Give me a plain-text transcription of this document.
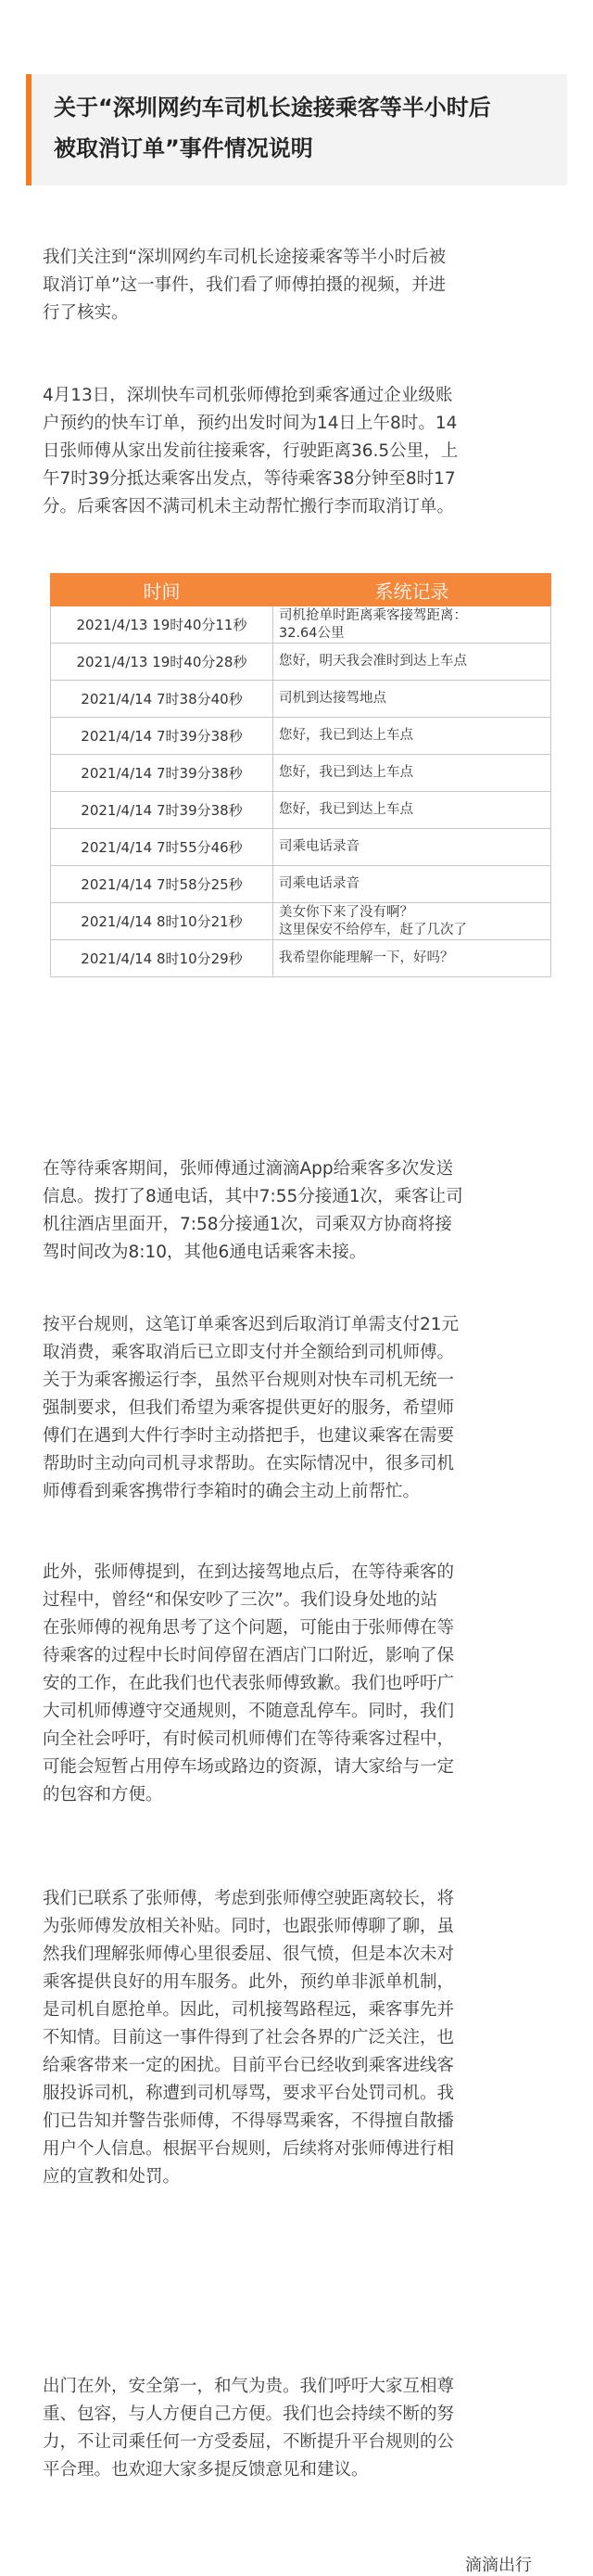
关于“深圳网约车司机长途接乘客等半小时后
被取消订单”事件情况说明
我们关注到“深圳网约车司机长途接乘客等半小时后被
取消订单”这一事件，我们看了师傅拍摄的视频，并进
行了核实。
4月13日，深圳快车司机张师傅抢到乘客通过企业级账
户预约的快车订单，预约出发时间为14日上午8时。14
日张师傅从家出发前往接乘客，行驶距离36.5公里，上
午7时39分抵达乘客出发点，等待乘客38分钟至8时17
分。后乘客因不满司机未主动帮忙搬行李而取消订单。
时间	系统记录
2021/4/13 19时40分11秒	司机抢单时距离乘客接驾距离：
32.64公里

2021/4/13 19时40分28秒	您好，明天我会准时到达上车点

2021/4/14 7时38分40秒	司机到达接驾地点

2021/4/14 7时39分38秒	您好，我已到达上车点

2021/4/14 7时39分38秒	您好，我已到达上车点

2021/4/14 7时39分38秒	您好，我已到达上车点

2021/4/14 7时55分46秒	司乘电话录音

2021/4/14 7时58分25秒	司乘电话录音

2021/4/14 8时10分21秒	美女你下来了没有啊？
这里保安不给停车，赶了几次了

2021/4/14 8时10分29秒	我希望你能理解一下，好吗？
在等待乘客期间，张师傅通过滴滴App给乘客多次发送
信息。拨打了8通电话，其中7:55分接通1次，乘客让司
机往酒店里面开，7:58分接通1次，司乘双方协商将接
驾时间改为8:10，其他6通电话乘客未接。
按平台规则，这笔订单乘客迟到后取消订单需支付21元
取消费，乘客取消后已立即支付并全额给到司机师傅。
关于为乘客搬运行李，虽然平台规则对快车司机无统一
强制要求，但我们希望为乘客提供更好的服务，希望师
傅们在遇到大件行李时主动搭把手，也建议乘客在需要
帮助时主动向司机寻求帮助。在实际情况中，很多司机
师傅看到乘客携带行李箱时的确会主动上前帮忙。
此外，张师傅提到，在到达接驾地点后，在等待乘客的
过程中，曾经“和保安吵了三次”。我们设身处地的站
在张师傅的视角思考了这个问题，可能由于张师傅在等
待乘客的过程中长时间停留在酒店门口附近，影响了保
安的工作，在此我们也代表张师傅致歉。我们也呼吁广
大司机师傅遵守交通规则，不随意乱停车。同时，我们
向全社会呼吁，有时候司机师傅们在等待乘客过程中，
可能会短暂占用停车场或路边的资源，请大家给与一定
的包容和方便。
我们已联系了张师傅，考虑到张师傅空驶距离较长，将
为张师傅发放相关补贴。同时，也跟张师傅聊了聊，虽
然我们理解张师傅心里很委屈、很气愤，但是本次未对
乘客提供良好的用车服务。此外，预约单非派单机制，
是司机自愿抢单。因此，司机接驾路程远，乘客事先并
不知情。目前这一事件得到了社会各界的广泛关注，也
给乘客带来一定的困扰。目前平台已经收到乘客进线客
服投诉司机，称遭到司机辱骂，要求平台处罚司机。我
们已告知并警告张师傅，不得辱骂乘客，不得擅自散播
用户个人信息。根据平台规则，后续将对张师傅进行相
应的宣教和处罚。
出门在外，安全第一，和气为贵。我们呼吁大家互相尊
重、包容，与人方便自己方便。我们也会持续不断的努
力，不让司乘任何一方受委屈，不断提升平台规则的公
平合理。也欢迎大家多提反馈意见和建议。
滴滴出行
